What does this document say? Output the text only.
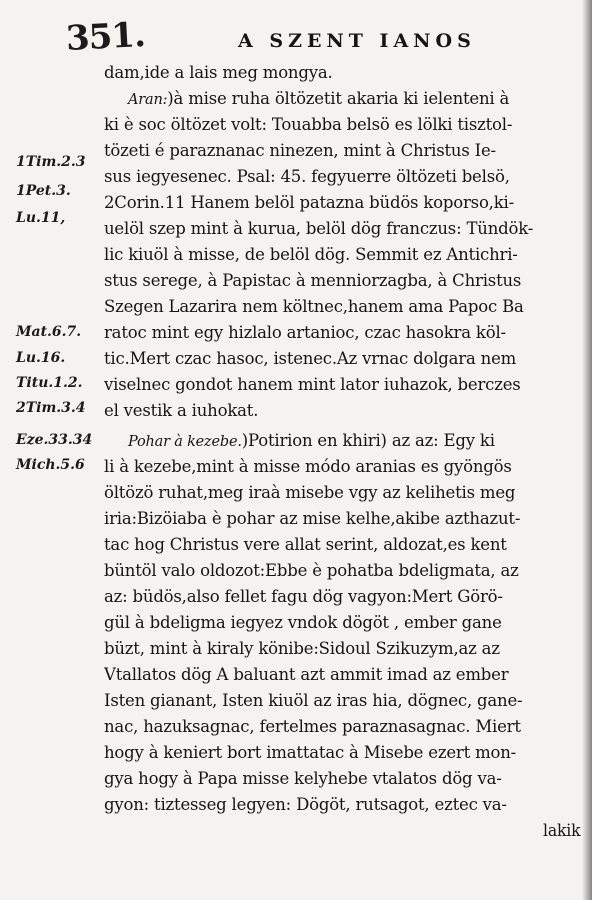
351.	A SZENT IANOS
1Tim.2.3
1Pet.3.
Lu.11,
Mat.6.7.
Lu.16.
Titu.1.2.
2Tim.3.4
Eze.33.34
Mich.5.6
dam,ide a lais meg mongya.
Aran:)à mise ruha öltözetit akaria ki ielenteni à
ki è soc öltözet volt: Touabba belsö es lölki tisztol-
tözeti é paraznanac ninezen, mint à Christus Ie-
sus iegyesenec. Psal: 45. fegyuerre öltözeti belsö,
2Corin.11 Hanem belöl patazna büdös koporso,ki-
uelöl szep mint à kurua, belöl dög franczus: Tündök-
lic kiuöl à misse, de belöl dög. Semmit ez Antichri-
stus serege, à Papistac à menniorzagba, à Christus
Szegen Lazarira nem költnec,hanem ama Papoc Ba
ratoc mint egy hizlalo artanioc, czac hasokra köl-
tic.Mert czac hasoc, istenec.Az vrnac dolgara nem
viselnec gondot hanem mint lator iuhazok, berczes
el vestik a iuhokat.
Pohar à kezebe.)Potirion en khiri) az az: Egy ki
li à kezebe,mint à misse módo aranias es gyöngös
öltözö ruhat,meg iraà misebe vgy az kelihetis meg
iria:Bizöiaba è pohar az mise kelhe,akibe azthazut-
tac hog Christus vere allat serint, aldozat,es kent
büntöl valo oldozot:Ebbe è pohatba bdeligmata, az
az: büdös,also fellet fagu dög vagyon:Mert Görö-
gül à bdeligma iegyez vndok dögöt , ember gane
büzt, mint à kiraly könibe:Sidoul Szikuzym,az az
Vtallatos dög A baluant azt ammit imad az ember
Isten gianant, Isten kiuöl az iras hia, dögnec, gane-
nac, hazuksagnac, fertelmes paraznasagnac. Miert
hogy à keniert bort imattatac à Misebe ezert mon-
gya hogy à Papa misse kelyhebe vtalatos dög va-
gyon: tiztesseg legyen: Dögöt, rutsagot, eztec va-
lakik
